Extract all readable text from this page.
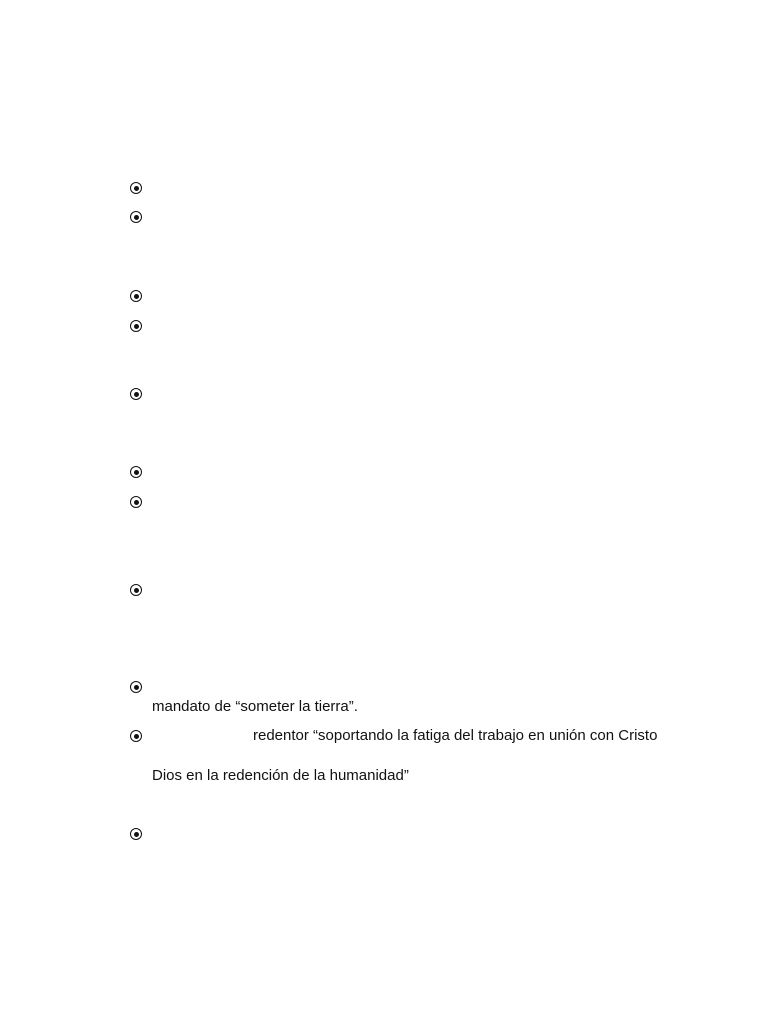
mandato de “someter la tierra”.
redentor “soportando la fatiga del trabajo en unión con Cristo
Dios en la redención de la humanidad”
